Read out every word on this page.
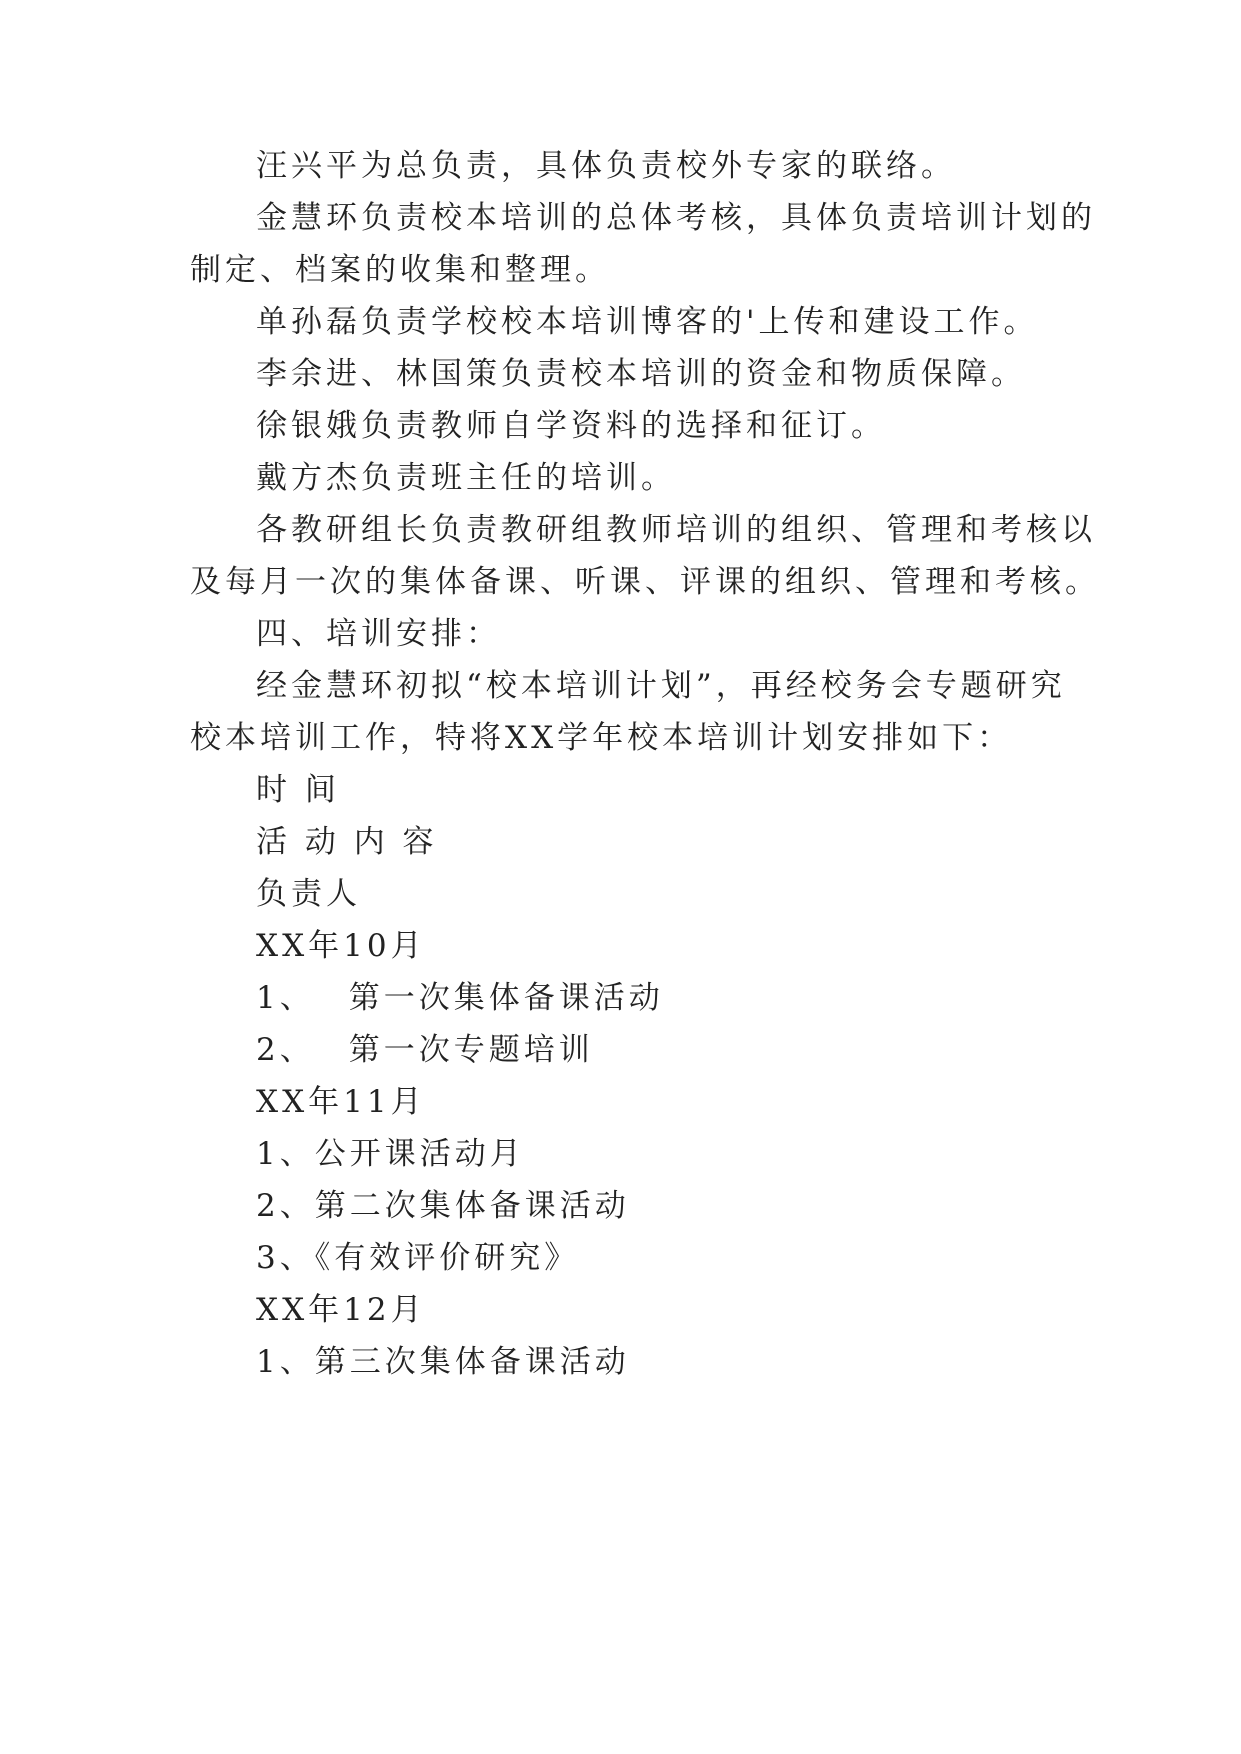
汪兴平为总负责，具体负责校外专家的联络。
金慧环负责校本培训的总体考核，具体负责培训计划的
制定、档案的收集和整理。
单孙磊负责学校校本培训博客的'上传和建设工作。
李余进、林国策负责校本培训的资金和物质保障。
徐银娥负责教师自学资料的选择和征订。
戴方杰负责班主任的培训。
各教研组长负责教研组教师培训的组织、管理和考核以
及每月一次的集体备课、听课、评课的组织、管理和考核。
四、培训安排：
经金慧环初拟“校本培训计划”，再经校务会专题研究
校本培训工作，特将XX学年校本培训计划安排如下：
时 间
活 动 内 容
负责人
XX年10月
1、 第一次集体备课活动
2、 第一次专题培训
XX年11月
1、公开课活动月
2、第二次集体备课活动
3、《有效评价研究》
XX年12月
1、第三次集体备课活动
